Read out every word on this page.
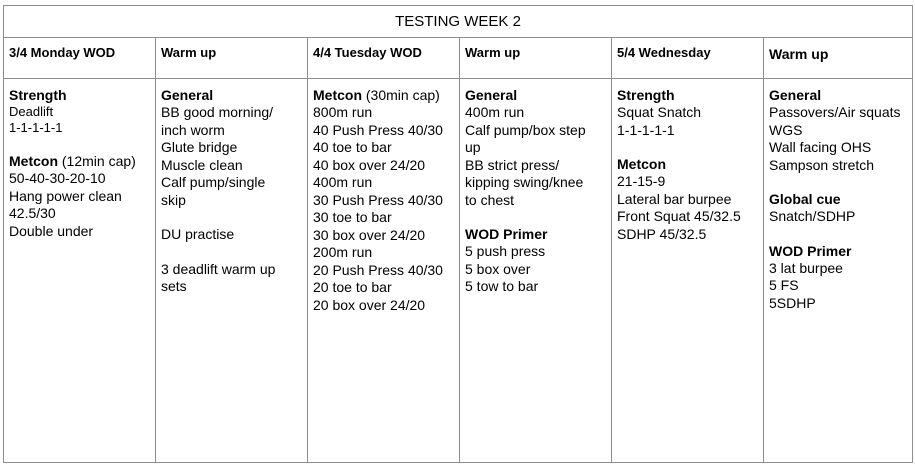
TESTING WEEK 2
3/4 Monday WOD
Strength
Deadlift
1-1-1-1-1
Metcon (12min cap)
50-40-30-20-10
Hang power clean
42.5/30
Double under
Warm up
General
BB good morning/
inch worm
Glute bridge
Muscle clean
Calf pump/single
skip
DU practise
3 deadlift warm up
sets
4/4 Tuesday WOD
Metcon (30min cap)
800m run
40 Push Press 40/30
40 toe to bar
40 box over 24/20
400m run
30 Push Press 40/30
30 toe to bar
30 box over 24/20
200m run
20 Push Press 40/30
20 toe to bar
20 box over 24/20
Warm up
General
400m run
Calf pump/box step
up
BB strict press/
kipping swing/knee
to chest
WOD Primer
5 push press
5 box over
5 tow to bar
5/4 Wednesday
Strength
Squat Snatch
1-1-1-1-1
Metcon
21-15-9
Lateral bar burpee
Front Squat 45/32.5
SDHP 45/32.5
Warm up
General
Passovers/Air squats
WGS
Wall facing OHS
Sampson stretch
Global cue
Snatch/SDHP
WOD Primer
3 lat burpee
5 FS
5SDHP
